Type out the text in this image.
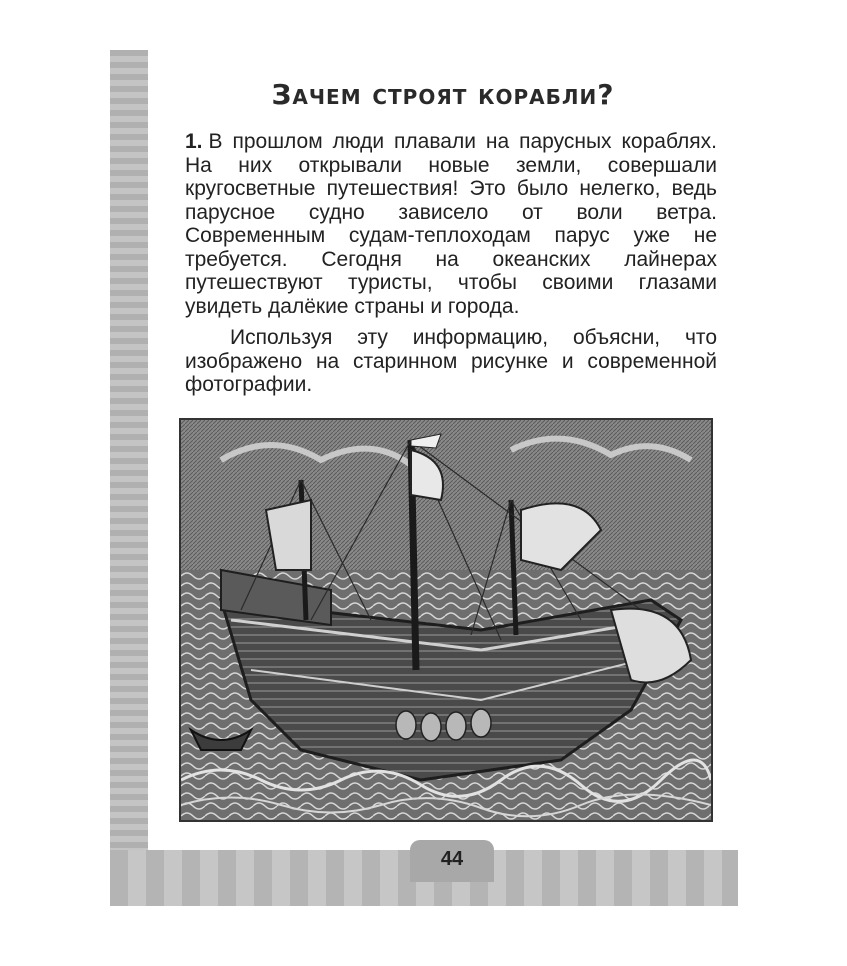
Зачем строят корабли?
1. В прошлом люди плавали на парусных кораблях. На них открывали новые земли, совершали кругосветные путешествия! Это было нелегко, ведь парусное судно зависело от воли ветра. Современным судам-теплоходам парус уже не требуется. Сегодня на океанских лайнерах путешествуют туристы, чтобы своими глазами увидеть далёкие страны и города.
Используя эту информацию, объясни, что изображено на старинном рисунке и современной фотографии.
44
